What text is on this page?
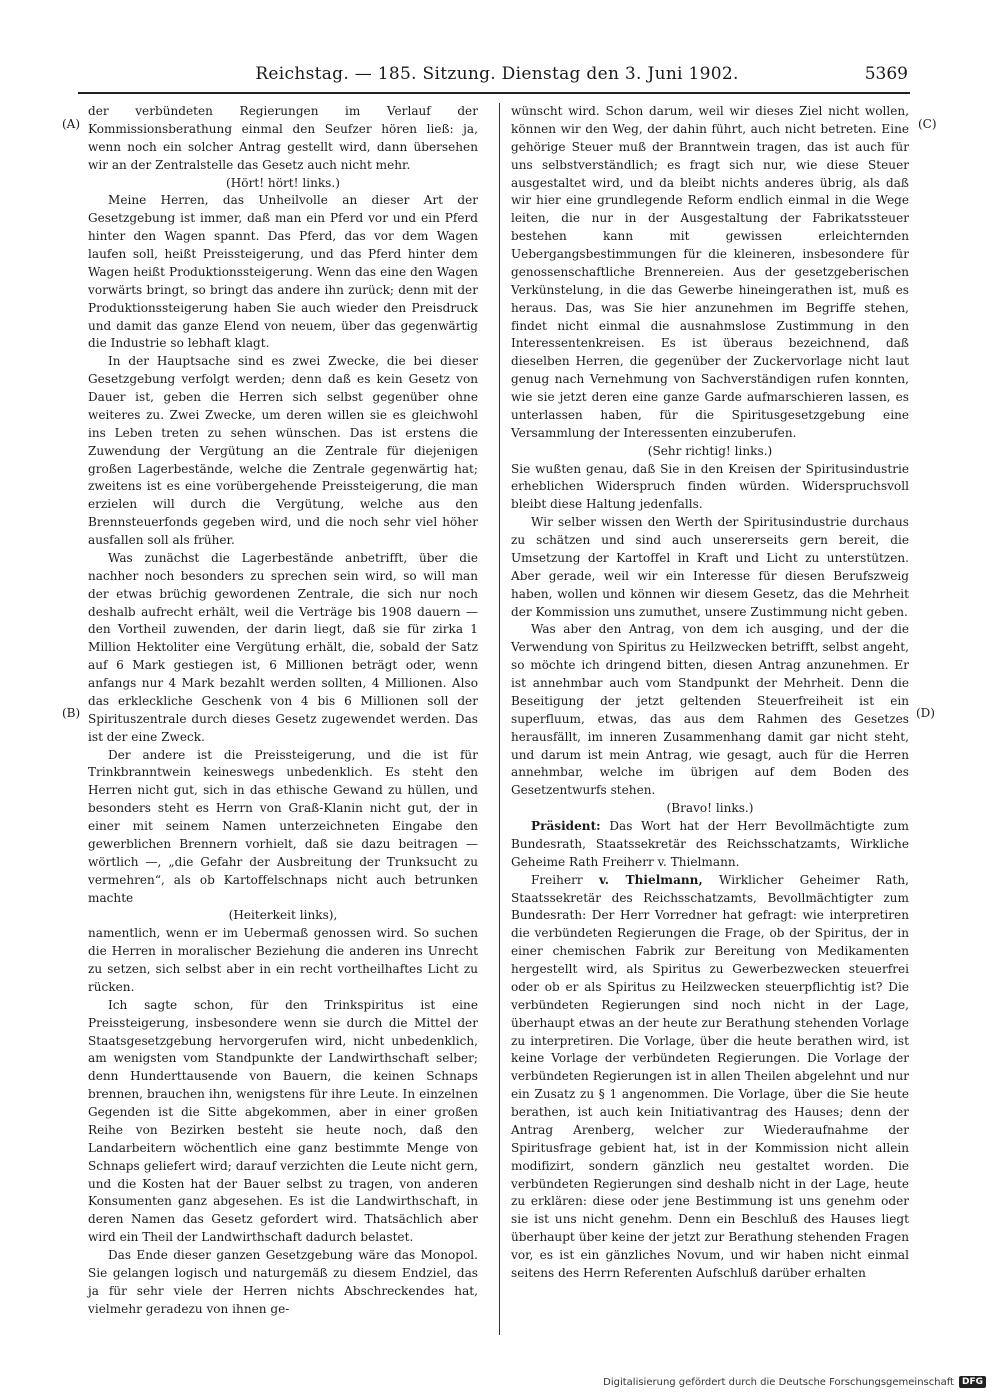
Reichstag. — 185. Sitzung. Dienstag den 3. Juni 1902.	5369
(A)
(B)
(C)
(D)

der verbündeten Regierungen im Verlauf der Kommissionsberathung einmal den Seufzer hören ließ: ja, wenn noch ein solcher Antrag gestellt wird, dann übersehen wir an der Zentralstelle das Gesetz auch nicht mehr.

(Hört! hört! links.)

Meine Herren, das Unheilvolle an dieser Art der Gesetzgebung ist immer, daß man ein Pferd vor und ein Pferd hinter den Wagen spannt. Das Pferd, das vor dem Wagen laufen soll, heißt Preissteigerung, und das Pferd hinter dem Wagen heißt Produktionssteigerung. Wenn das eine den Wagen vorwärts bringt, so bringt das andere ihn zurück; denn mit der Produktionssteigerung haben Sie auch wieder den Preisdruck und damit das ganze Elend von neuem, über das gegenwärtig die Industrie so lebhaft klagt.

In der Hauptsache sind es zwei Zwecke, die bei dieser Gesetzgebung verfolgt werden; denn daß es kein Gesetz von Dauer ist, geben die Herren sich selbst gegenüber ohne weiteres zu. Zwei Zwecke, um deren willen sie es gleichwohl ins Leben treten zu sehen wünschen. Das ist erstens die Zuwendung der Vergütung an die Zentrale für diejenigen großen Lagerbestände, welche die Zentrale gegenwärtig hat; zweitens ist es eine vorübergehende Preissteigerung, die man erzielen will durch die Vergütung, welche aus den Brennsteuerfonds gegeben wird, und die noch sehr viel höher ausfallen soll als früher.

Was zunächst die Lagerbestände anbetrifft, über die nachher noch besonders zu sprechen sein wird, so will man der etwas brüchig gewordenen Zentrale, die sich nur noch deshalb aufrecht erhält, weil die Verträge bis 1908 dauern — den Vortheil zuwenden, der darin liegt, daß sie für zirka 1 Million Hektoliter eine Vergütung erhält, die, sobald der Satz auf 6 Mark gestiegen ist, 6 Millionen beträgt oder, wenn anfangs nur 4 Mark bezahlt werden sollten, 4 Millionen. Also das erkleckliche Geschenk von 4 bis 6 Millionen soll der Spirituszentrale durch dieses Gesetz zugewendet werden. Das ist der eine Zweck.

Der andere ist die Preissteigerung, und die ist für Trinkbranntwein keineswegs unbedenklich. Es steht den Herren nicht gut, sich in das ethische Gewand zu hüllen, und besonders steht es Herrn von Graß-Klanin nicht gut, der in einer mit seinem Namen unterzeichneten Eingabe den gewerblichen Brennern vorhielt, daß sie dazu beitragen — wörtlich —, „die Gefahr der Ausbreitung der Trunksucht zu vermehren“, als ob Kartoffelschnaps nicht auch betrunken machte

(Heiterkeit links),

namentlich, wenn er im Uebermaß genossen wird. So suchen die Herren in moralischer Beziehung die anderen ins Unrecht zu setzen, sich selbst aber in ein recht vortheilhaftes Licht zu rücken.

Ich sagte schon, für den Trinkspiritus ist eine Preissteigerung, insbesondere wenn sie durch die Mittel der Staatsgesetzgebung hervorgerufen wird, nicht unbedenklich, am wenigsten vom Standpunkte der Landwirthschaft selber; denn Hunderttausende von Bauern, die keinen Schnaps brennen, brauchen ihn, wenigstens für ihre Leute. In einzelnen Gegenden ist die Sitte abgekommen, aber in einer großen Reihe von Bezirken besteht sie heute noch, daß den Landarbeitern wöchentlich eine ganz bestimmte Menge von Schnaps geliefert wird; darauf verzichten die Leute nicht gern, und die Kosten hat der Bauer selbst zu tragen, von anderen Konsumenten ganz abgesehen. Es ist die Landwirthschaft, in deren Namen das Gesetz gefordert wird. Thatsächlich aber wird ein Theil der Landwirthschaft dadurch belastet.

Das Ende dieser ganzen Gesetzgebung wäre das Monopol. Sie gelangen logisch und naturgemäß zu diesem Endziel, das ja für sehr viele der Herren nichts Abschreckendes hat, vielmehr geradezu von ihnen ge-

wünscht wird. Schon darum, weil wir dieses Ziel nicht wollen, können wir den Weg, der dahin führt, auch nicht betreten. Eine gehörige Steuer muß der Branntwein tragen, das ist auch für uns selbstverständlich; es fragt sich nur, wie diese Steuer ausgestaltet wird, und da bleibt nichts anderes übrig, als daß wir hier eine grundlegende Reform endlich einmal in die Wege leiten, die nur in der Ausgestaltung der Fabrikatssteuer bestehen kann mit gewissen erleichternden Uebergangsbestimmungen für die kleineren, insbesondere für genossenschaftliche Brennereien. Aus der gesetzgeberischen Verkünstelung, in die das Gewerbe hineingerathen ist, muß es heraus. Das, was Sie hier anzunehmen im Begriffe stehen, findet nicht einmal die ausnahmslose Zustimmung in den Interessentenkreisen. Es ist überaus bezeichnend, daß dieselben Herren, die gegenüber der Zuckervorlage nicht laut genug nach Vernehmung von Sachverständigen rufen konnten, wie sie jetzt deren eine ganze Garde aufmarschieren lassen, es unterlassen haben, für die Spiritusgesetzgebung eine Versammlung der Interessenten einzuberufen.

(Sehr richtig! links.)

Sie wußten genau, daß Sie in den Kreisen der Spiritusindustrie erheblichen Widerspruch finden würden. Widerspruchsvoll bleibt diese Haltung jedenfalls.

Wir selber wissen den Werth der Spiritusindustrie durchaus zu schätzen und sind auch unsererseits gern bereit, die Umsetzung der Kartoffel in Kraft und Licht zu unterstützen. Aber gerade, weil wir ein Interesse für diesen Berufszweig haben, wollen und können wir diesem Gesetz, das die Mehrheit der Kommission uns zumuthet, unsere Zustimmung nicht geben.

Was aber den Antrag, von dem ich ausging, und der die Verwendung von Spiritus zu Heilzwecken betrifft, selbst angeht, so möchte ich dringend bitten, diesen Antrag anzunehmen. Er ist annehmbar auch vom Standpunkt der Mehrheit. Denn die Beseitigung der jetzt geltenden Steuerfreiheit ist ein superfluum, etwas, das aus dem Rahmen des Gesetzes herausfällt, im inneren Zusammenhang damit gar nicht steht, und darum ist mein Antrag, wie gesagt, auch für die Herren annehmbar, welche im übrigen auf dem Boden des Gesetzentwurfs stehen.

(Bravo! links.)

Präsident: Das Wort hat der Herr Bevollmächtigte zum Bundesrath, Staatssekretär des Reichsschatzamts, Wirkliche Geheime Rath Freiherr v. Thielmann.

Freiherr v. Thielmann, Wirklicher Geheimer Rath, Staatssekretär des Reichsschatzamts, Bevollmächtigter zum Bundesrath: Der Herr Vorredner hat gefragt: wie interpretiren die verbündeten Regierungen die Frage, ob der Spiritus, der in einer chemischen Fabrik zur Bereitung von Medikamenten hergestellt wird, als Spiritus zu Gewerbezwecken steuerfrei oder ob er als Spiritus zu Heilzwecken steuerpflichtig ist? Die verbündeten Regierungen sind noch nicht in der Lage, überhaupt etwas an der heute zur Berathung stehenden Vorlage zu interpretiren. Die Vorlage, über die heute berathen wird, ist keine Vorlage der verbündeten Regierungen. Die Vorlage der verbündeten Regierungen ist in allen Theilen abgelehnt und nur ein Zusatz zu § 1 angenommen. Die Vorlage, über die Sie heute berathen, ist auch kein Initiativantrag des Hauses; denn der Antrag Arenberg, welcher zur Wiederaufnahme der Spiritusfrage gebient hat, ist in der Kommission nicht allein modifizirt, sondern gänzlich neu gestaltet worden. Die verbündeten Regierungen sind deshalb nicht in der Lage, heute zu erklären: diese oder jene Bestimmung ist uns genehm oder sie ist uns nicht genehm. Denn ein Beschluß des Hauses liegt überhaupt über keine der jetzt zur Berathung stehenden Fragen vor, es ist ein gänzliches Novum, und wir haben nicht einmal seitens des Herrn Referenten Aufschluß darüber erhalten

Digitalisierung gefördert durch die Deutsche Forschungsgemeinschaft DFG
